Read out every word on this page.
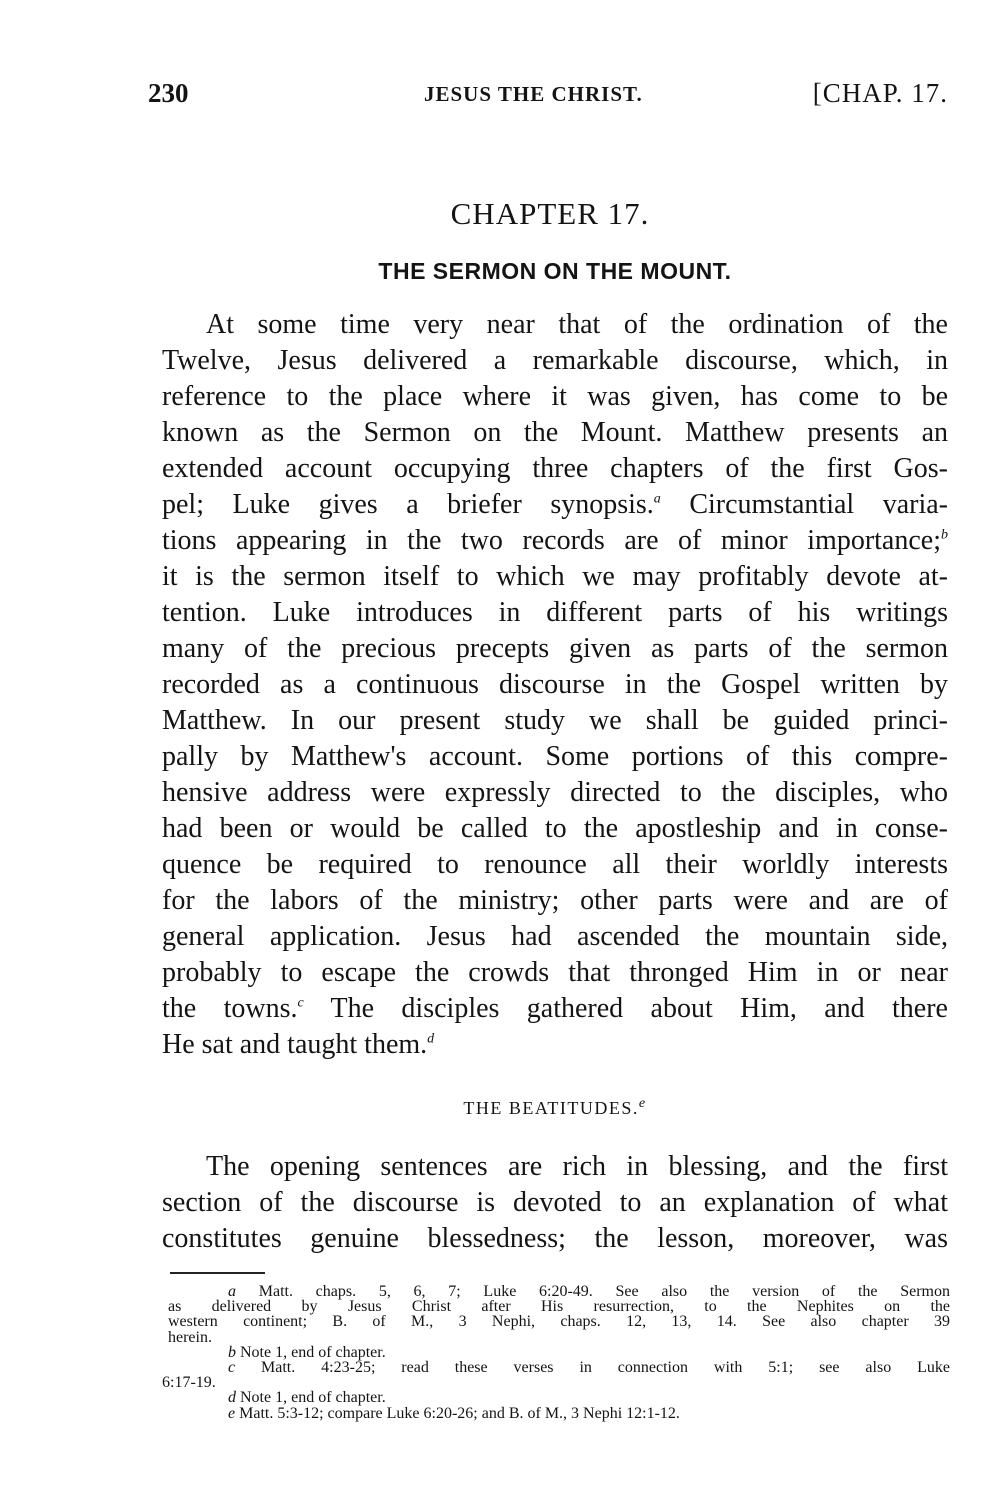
230	JESUS THE CHRIST.	[CHAP. 17.
CHAPTER 17.
THE SERMON ON THE MOUNT.
At some time very near that of the ordination of the
Twelve, Jesus delivered a remarkable discourse, which, in
reference to the place where it was given, has come to be
known as the Sermon on the Mount. Matthew presents an
extended account occupying three chapters of the first Gos-
pel; Luke gives a briefer synopsis.$^a$ Circumstantial varia-
tions appearing in the two records are of minor importance;$^b$
it is the sermon itself to which we may profitably devote at-
tention. Luke introduces in different parts of his writings
many of the precious precepts given as parts of the sermon
recorded as a continuous discourse in the Gospel written by
Matthew. In our present study we shall be guided princi-
pally by Matthew's account. Some portions of this compre-
hensive address were expressly directed to the disciples, who
had been or would be called to the apostleship and in conse-
quence be required to renounce all their worldly interests
for the labors of the ministry; other parts were and are of
general application. Jesus had ascended the mountain side,
probably to escape the crowds that thronged Him in or near
the towns.$^c$ The disciples gathered about Him, and there
He sat and taught them.$^d$
THE BEATITUDES.$^e$
The opening sentences are rich in blessing, and the first
section of the discourse is devoted to an explanation of what
constitutes genuine blessedness; the lesson, moreover, was
a Matt. chaps. 5, 6, 7; Luke 6:20-49. See also the version of the Sermon
as delivered by Jesus Christ after His resurrection, to the Nephites on the
western continent; B. of M., 3 Nephi, chaps. 12, 13, 14. See also chapter 39
herein.
b Note 1, end of chapter.
c Matt. 4:23-25; read these verses in connection with 5:1; see also Luke
6:17-19.
d Note 1, end of chapter.
e Matt. 5:3-12; compare Luke 6:20-26; and B. of M., 3 Nephi 12:1-12.
